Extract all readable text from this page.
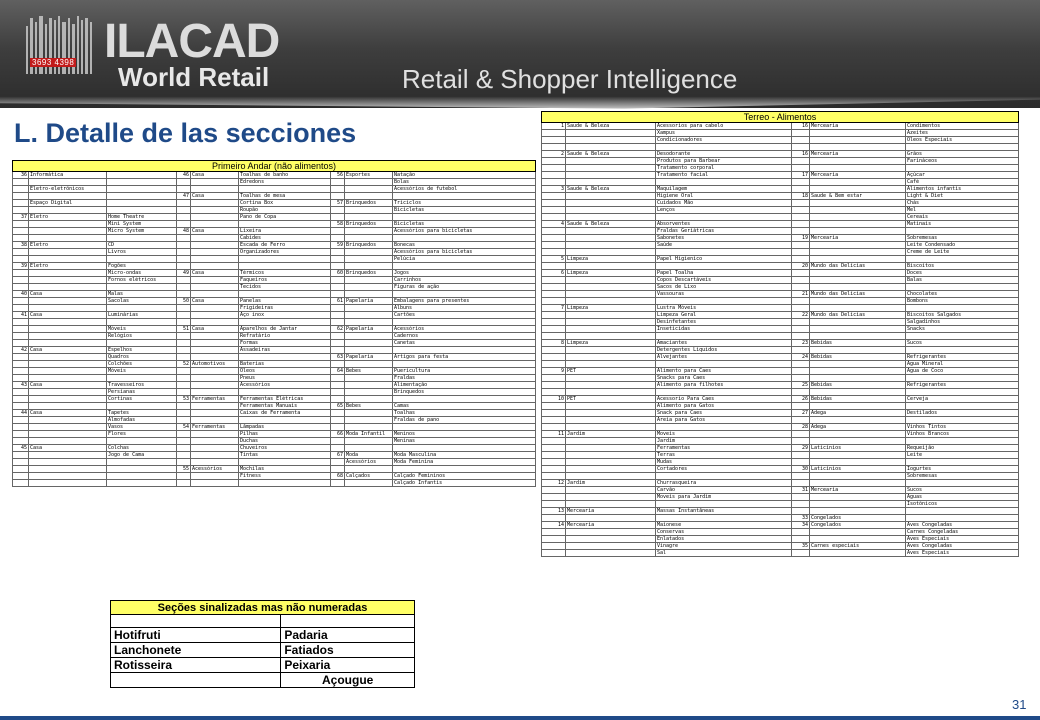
3693 4398 ILACAD
World Retail	Retail & Shopper Intelligence
L. Detalle de las secciones
Primeiro Andar (não alimentos)								
36	Informática		46	Casa	Toalhas de banho	56	Esportes	Natação
					Edredons			Bolas
	Eletro-eletrônicos							Acessórios de futebol
			47	Casa	Toalhas de mesa			
	Espaço Digital				Cortina Box	57	Brinquedos	Triciclos
					Roupão			Bicicletas
37	Eletro	Home Theatre			Pano de Copa			
		Mini System				58	Brinquedos	Bicicletas
		Micro System	48	Casa	Lixeira			Acessórios para bicicletas
					Cabides			
38	Eletro	CD			Escada de Ferro	59	Brinquedos	Bonecas
		Livros			Organizadores			Acessórios para bicicletas
								Pelúcia
39	Eletro	Fogões						
		Micro-ondas	49	Casa	Térmicos	60	Brinquedos	Jogos
		Fornos elétricos			Faqueiros			Carrinhos
					Tecidos			Figuras de ação
40	Casa	Malas						
		Sacolas	50	Casa	Panelas	61	Papelaria	Embalagens para presentes
					Frigideiras			Albuns
41	Casa	Luminárias			Aço inox			Cartões

		Móveis	51	Casa	Aparelhos de Jantar	62	Papelaria	Acessórios
		Relógios			Refratário			Cadernos
					Formas			Canetas
42	Casa	Espelhos			Assadeiras			
		Quadros				63	Papelaria	Artigos para festa
		Colchões	52	Automotivos	Baterias			
		Móveis			Oleos	64	Bebes	Puericultura
					Pneus			Fraldas
43	Casa	Travesseiros			Acessórios			Alimentação
		Persianas						Brinquedos
		Cortinas	53	Ferramentas	Ferramentas Elétricas			
					Ferramentas Manuais	65	Bebes	Camas
44	Casa	Tapetes			Caixas de Ferramenta			Toalhas
		Almofadas						Fraldas de pano
		Vasos	54	Ferramentas	Lâmpadas			
		Flores			Pilhas	66	Moda Infantil	Meninos
					Duchas			Meninas
45	Casa	Colchas			Chuveiros			
		Jogo de Cama			Tintas	67	Moda	Moda Masculina
							Acessórios	Moda Feminina
			55	Acessórios	Mochilas			
					Fitness	68	Calçados	Calçado Femininos
								Calçado Infantis
Terreo - Alimentos					
1	Saude & Beleza	Acessorios para cabelo	16	Mercearia	Condimentos
		Xampus			Azeites
		Condicionadores			Oleos Especiais

2	Saude & Beleza	Desodorante	16	Mercearia	Grãos
		Produtos para Barbear			Farináceos
		Tratamento corporal			
		Tratamento facial	17	Mercearia	Açúcar
					Café
3	Saude & Beleza	Maquilagem			Alimentos infantis
		Higiene Oral	18	Saude & Bem estar	Light & Diet
		Cuidados Mão			Chás
		Lenços			Mel
					Cereais
4	Saude & Beleza	Absorventes			Matinais
		Fraldas Geriátricas			
		Sabonetes	19	Mercearia	Sobremesas
		Saúde			Leite Condensado
					Creme de Leite
5	Limpeza	Papel Higienico			
			20	Mundo das Delícias	Biscoitos
6	Limpeza	Papel Toalha			Doces
		Copos Descartáveis			Balas
		Sacos de Lixo			
		Vassouras	21	Mundo das Delícias	Chocolates
					Bombons
7	Limpeza	Lustra Móveis			
		Limpeza Geral	22	Mundo das Delícias	Biscoitos Salgados
		Desinfetantes			Salgadinhos
		Inseticidas			Snacks

8	Limpeza	Amaciantes	23	Bebidas	Sucos
		Detergentes Liquidos			
		Alvejantes	24	Bebidas	Refrigerantes
					Água Mineral
9	PET	Alimento para Caes			Agua de Coco
		Snacks para Caes			
		Alimento para filhotes	25	Bebidas	Refrigerantes

10	PET	Acessorio Para Caes	26	Bebidas	Cerveja
		Alimento para Gatos			
		Snack para Caes	27	Adega	Destilados
		Areia para Gatos			
			28	Adega	Vinhos Tintos
11	Jardim	Moveis			Vinhos Brancos
		Jardim			
		Ferramentas	29	Laticínios	Requeijão
		Terras			Leite
		Mudas			
		Cortadores	30	Laticínios	Iogurtes
					Sobremesas
12	Jardim	Churrasqueira			
		Carvão	31	Mercearia	Sucos
		Moveis para Jardim			Aguas
					Isotônicos
13	Mercearia	Massas Instantâneas			
			33	Congelados	
14	Mercearia	Maionese	34	Congelados	Aves Congeladas
		Conservas			Carnes Congeladas
		Enlatados			Aves Especiais
		Vinagre	35	Carnes especiais	Aves Congeladas
		Sal			Aves Especiais
Seções sinalizadas mas não numeradas	

Hotifruti	Padaria
Lanchonete	Fatiados
Rotisseira	Peixaria
	Açougue
31
